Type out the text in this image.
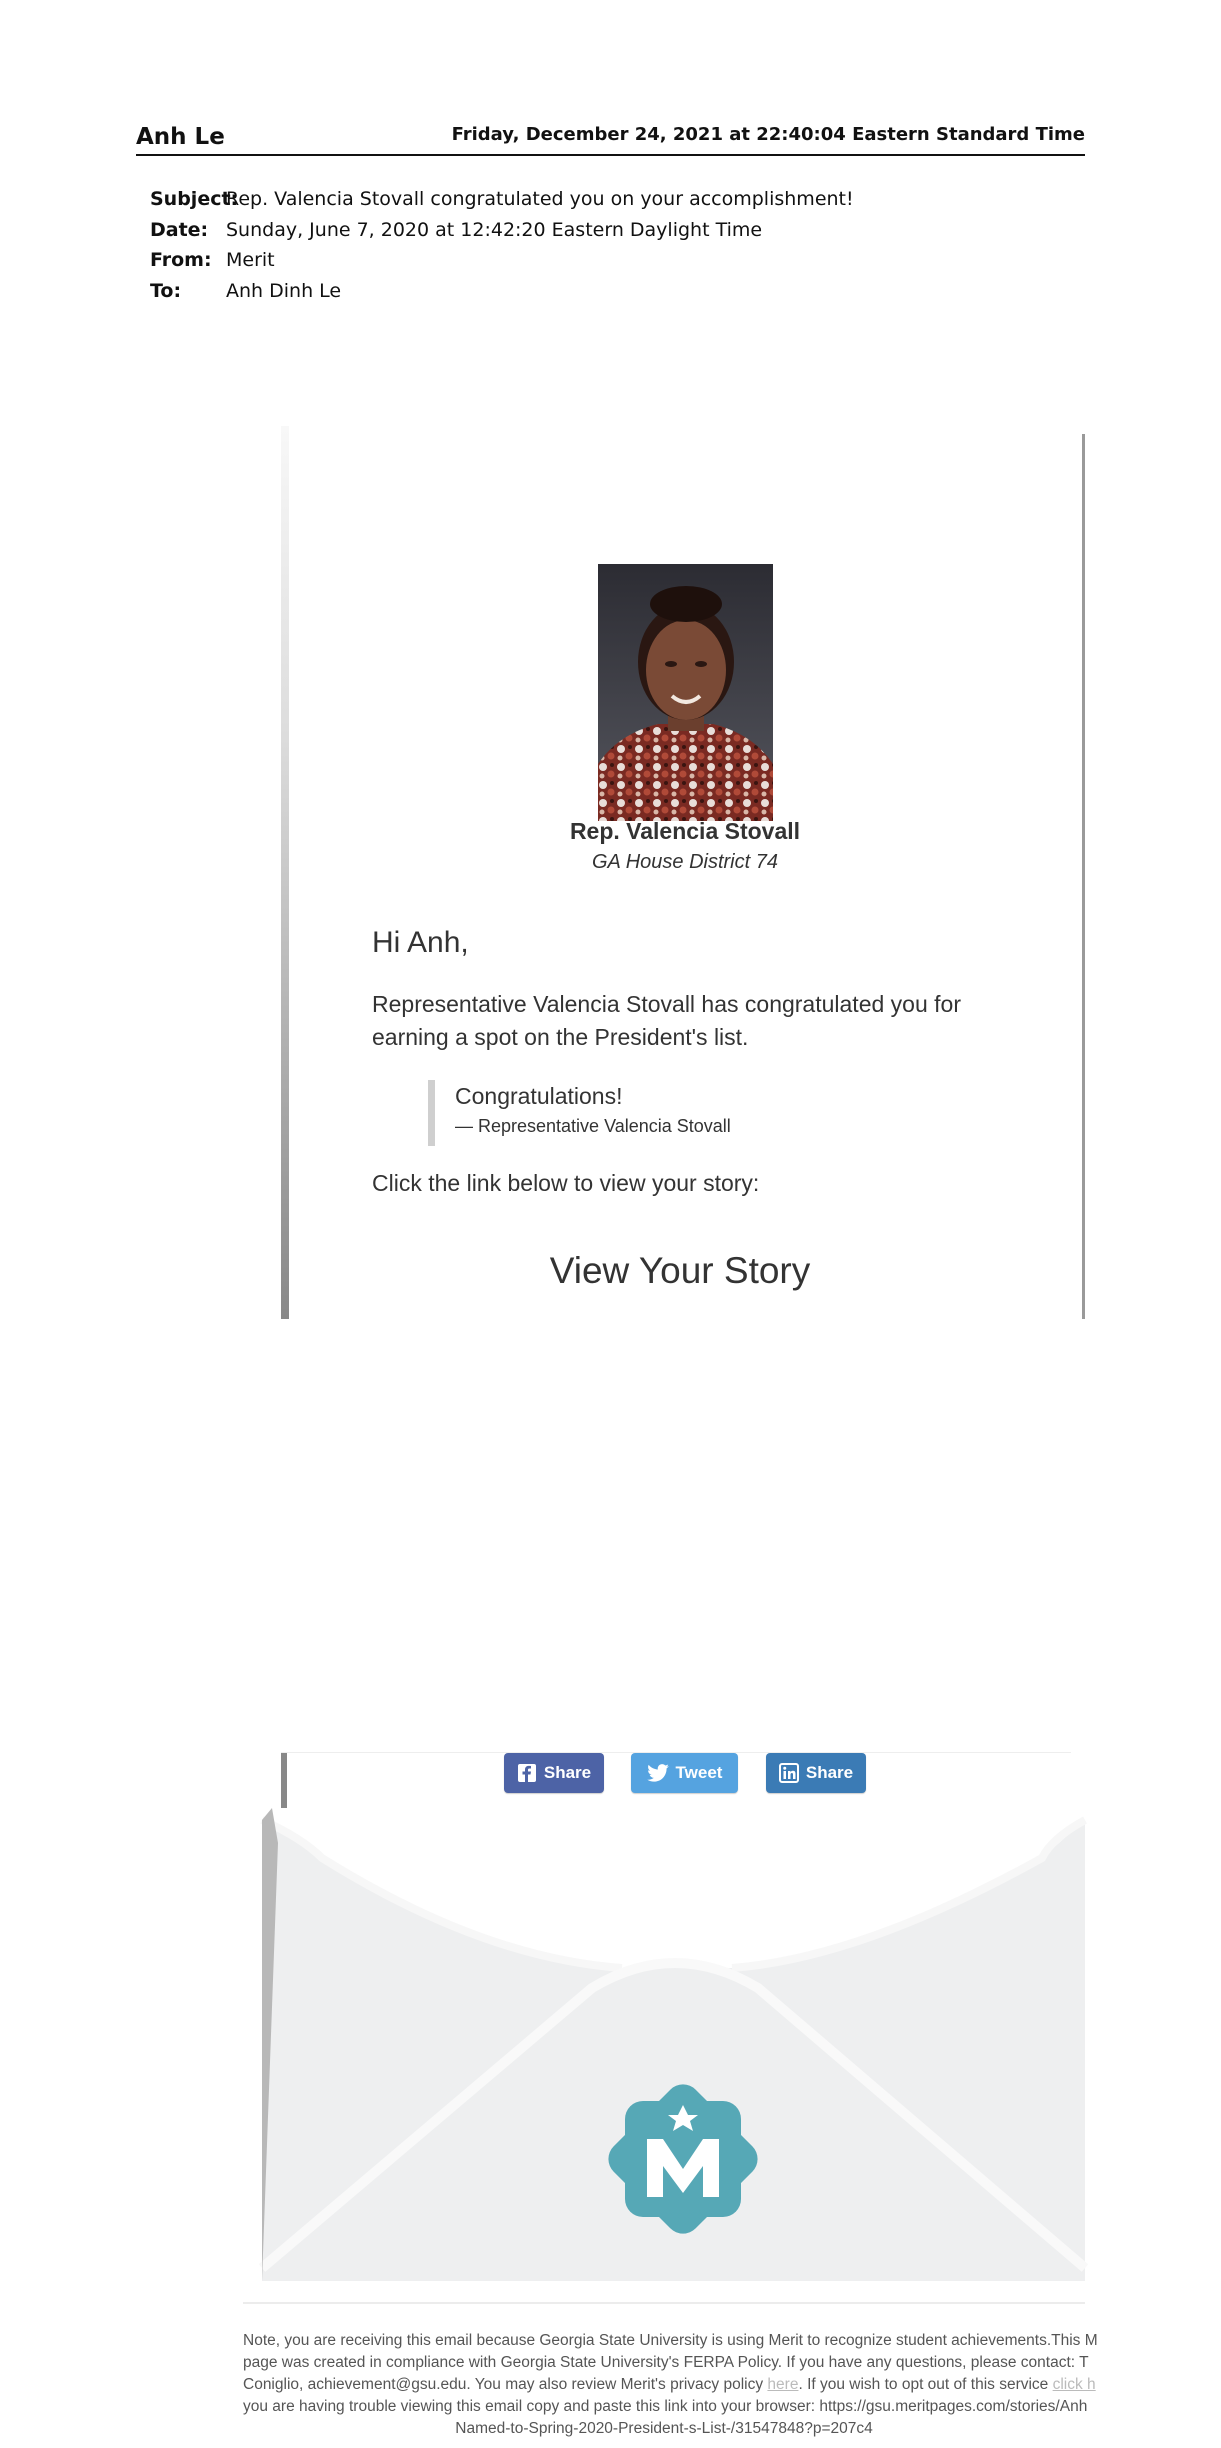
Anh Le	Friday, December 24, 2021 at 22:40:04 Eastern Standard Time
Subject:
Rep. Valencia Stovall congratulated you on your accomplishment!
Date: Sunday, June 7, 2020 at 12:42:20 Eastern Daylight Time
From: Merit
To:	Anh Dinh Le
Rep. Valencia Stovall
GA House District 74
Hi Anh,
Representative Valencia Stovall has congratulated you for earning a spot on the President's list.
Congratulations!
— Representative Valencia Stovall
Click the link below to view your story:
View Your Story
Share	Tweet	Share
Note, you are receiving this email because Georgia State University is using Merit to recognize student achievements.This M
page was created in compliance with Georgia State University's FERPA Policy. If you have any questions, please contact: T
Coniglio, achievement@gsu.edu. You may also review Merit's privacy policy here. If you wish to opt out of this service click h
you are having trouble viewing this email copy and paste this link into your browser: https://gsu.meritpages.com/stories/Anh
Named-to-Spring-2020-President-s-List-/31547848?p=207c4
